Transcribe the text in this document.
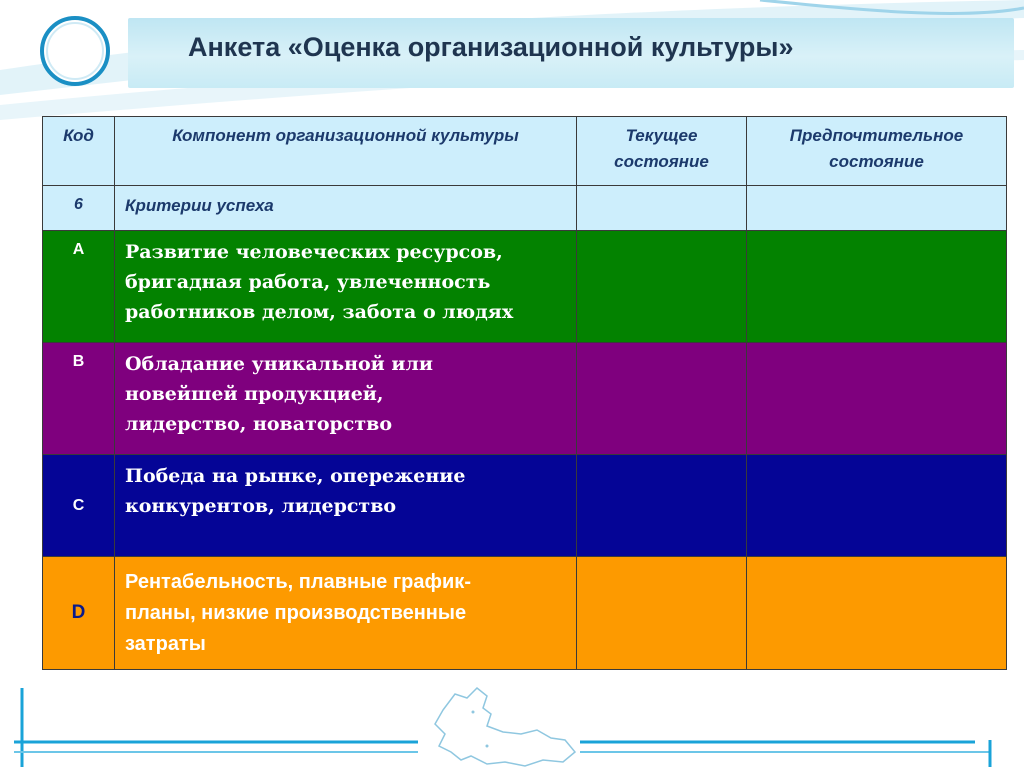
Анкета «Оценка организационной культуры»
Код	Компонент организационной культуры	Текущее состояние	Предпочтительное состояние

6	Критерии успеха		

A	Развитие человеческих ресурсов, бригадная работа, увлеченность работников делом, забота о людях		

B	Обладание уникальной или новейшей продукцией, лидерство, новаторство		

C	Победа на рынке, опережение конкурентов, лидерство		

D	Рентабельность, плавные график-планы, низкие производственные затраты		
